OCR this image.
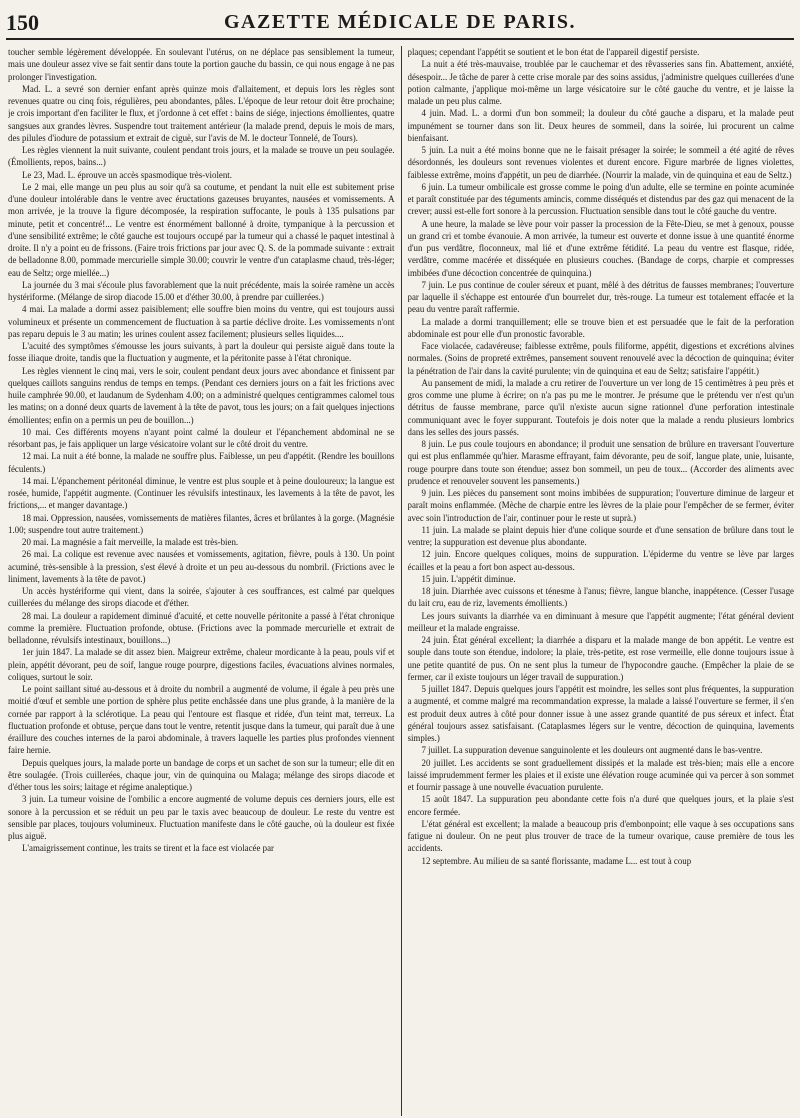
150	GAZETTE MÉDICALE DE PARIS.

toucher semble légèrement développée. En soulevant l'utérus, on ne déplace pas sensiblement la tumeur, mais une douleur assez vive se fait sentir dans toute la portion gauche du bassin, ce qui nous engage à ne pas prolonger l'investigation.

Mad. L. a sevré son dernier enfant après quinze mois d'allaitement, et depuis lors les règles sont revenues quatre ou cinq fois, régulières, peu abondantes, pâles. L'époque de leur retour doit être prochaine; je crois important d'en faciliter le flux, et j'ordonne à cet effet : bains de siége, injections émollientes, quatre sangsues aux grandes lèvres. Suspendre tout traitement antérieur (la malade prend, depuis le mois de mars, des pilules d'iodure de potassium et extrait de ciguë, sur l'avis de M. le docteur Tonnelé, de Tours).

Les règles viennent la nuit suivante, coulent pendant trois jours, et la malade se trouve un peu soulagée. (Émollients, repos, bains...)

Le 23, Mad. L. éprouve un accès spasmodique très-violent.

Le 2 mai, elle mange un peu plus au soir qu'à sa coutume, et pendant la nuit elle est subitement prise d'une douleur intolérable dans le ventre avec éructations gazeuses bruyantes, nausées et vomissements. A mon arrivée, je la trouve la figure décomposée, la respiration suffocante, le pouls à 135 pulsations par minute, petit et concentré!... Le ventre est énormément ballonné à droite, tympanique à la percussion et d'une sensibilité extrême; le côté gauche est toujours occupé par la tumeur qui a chassé le paquet intestinal à droite. Il n'y a point eu de frissons. (Faire trois frictions par jour avec Q. S. de la pommade suivante : extrait de belladonne 8.00, pommade mercurielle simple 30.00; couvrir le ventre d'un cataplasme chaud, très-léger; eau de Seltz; orge miellée...)

La journée du 3 mai s'écoule plus favorablement que la nuit précédente, mais la soirée ramène un accès hystériforme. (Mélange de sirop diacode 15.00 et d'éther 30.00, à prendre par cuillerées.)

4 mai. La malade a dormi assez paisiblement; elle souffre bien moins du ventre, qui est toujours aussi volumineux et présente un commencement de fluctuation à sa partie déclive droite. Les vomissements n'ont pas reparu depuis le 3 au matin; les urines coulent assez facilement; plusieurs selles liquides....

L'acuité des symptômes s'émousse les jours suivants, à part la douleur qui persiste aiguë dans toute la fosse iliaque droite, tandis que la fluctuation y augmente, et la péritonite passe à l'état chronique.

Les règles viennent le cinq mai, vers le soir, coulent pendant deux jours avec abondance et finissent par quelques caillots sanguins rendus de temps en temps. (Pendant ces derniers jours on a fait les frictions avec huile camphrée 90.00, et laudanum de Sydenham 4.00; on a administré quelques centigrammes calomel tous les matins; on a donné deux quarts de lavement à la tête de pavot, tous les jours; on a fait quelques injections émollientes; enfin on a permis un peu de bouillon...)

10 mai. Ces différents moyens n'ayant point calmé la douleur et l'épanchement abdominal ne se résorbant pas, je fais appliquer un large vésicatoire volant sur le côté droit du ventre.

12 mai. La nuit a été bonne, la malade ne souffre plus. Faiblesse, un peu d'appétit. (Rendre les bouillons féculents.)

14 mai. L'épanchement péritonéal diminue, le ventre est plus souple et à peine douloureux; la langue est rosée, humide, l'appétit augmente. (Continuer les révulsifs intestinaux, les lavements à la tête de pavot, les frictions,... et manger davantage.)

18 mai. Oppression, nausées, vomissements de matières filantes, âcres et brûlantes à la gorge. (Magnésie 1.00; suspendre tout autre traitement.)

20 mai. La magnésie a fait merveille, la malade est très-bien.

26 mai. La colique est revenue avec nausées et vomissements, agitation, fièvre, pouls à 130. Un point acuminé, très-sensible à la pression, s'est élevé à droite et un peu au-dessous du nombril. (Frictions avec le liniment, lavements à la tête de pavot.)

Un accès hystériforme qui vient, dans la soirée, s'ajouter à ces souffrances, est calmé par quelques cuillerées du mélange des sirops diacode et d'éther.

28 mai. La douleur a rapidement diminué d'acuité, et cette nouvelle péritonite a passé à l'état chronique comme la première. Fluctuation profonde, obtuse. (Frictions avec la pommade mercurielle et extrait de belladonne, révulsifs intestinaux, bouillons...)

1er juin 1847. La malade se dit assez bien. Maigreur extrême, chaleur mordicante à la peau, pouls vif et plein, appétit dévorant, peu de soif, langue rouge pourpre, digestions faciles, évacuations alvines normales, coliques, surtout le soir.

Le point saillant situé au-dessous et à droite du nombril a augmenté de volume, il égale à peu près une moitié d'œuf et semble une portion de sphère plus petite enchâssée dans une plus grande, à la manière de la cornée par rapport à la sclérotique. La peau qui l'entoure est flasque et ridée, d'un teint mat, terreux. La fluctuation profonde et obtuse, perçue dans tout le ventre, retentit jusque dans la tumeur, qui paraît due à une éraillure des couches internes de la paroi abdominale, à travers laquelle les parties plus profondes viennent faire hernie.

Depuis quelques jours, la malade porte un bandage de corps et un sachet de son sur la tumeur; elle dit en être soulagée. (Trois cuillerées, chaque jour, vin de quinquina ou Malaga; mélange des sirops diacode et d'éther tous les soirs; laitage et régime analeptique.)

3 juin. La tumeur voisine de l'ombilic a encore augmenté de volume depuis ces derniers jours, elle est sonore à la percussion et se réduit un peu par le taxis avec beaucoup de douleur. Le reste du ventre est sensible par places, toujours volumineux. Fluctuation manifeste dans le côté gauche, où la douleur est fixée plus aiguë.

L'amaigrissement continue, les traits se tirent et la face est violacée par

plaques; cependant l'appétit se soutient et le bon état de l'appareil digestif persiste.

La nuit a été très-mauvaise, troublée par le cauchemar et des rêvasseries sans fin. Abattement, anxiété, désespoir... Je tâche de parer à cette crise morale par des soins assidus, j'administre quelques cuillerées d'une potion calmante, j'applique moi-même un large vésicatoire sur le côté gauche du ventre, et je laisse la malade un peu plus calme.

4 juin. Mad. L. a dormi d'un bon sommeil; la douleur du côté gauche a disparu, et la malade peut impunément se tourner dans son lit. Deux heures de sommeil, dans la soirée, lui procurent un calme bienfaisant.

5 juin. La nuit a été moins bonne que ne le faisait présager la soirée; le sommeil a été agité de rêves désordonnés, les douleurs sont revenues violentes et durent encore. Figure marbrée de lignes violettes, faiblesse extrême, moins d'appétit, un peu de diarrhée. (Nourrir la malade, vin de quinquina et eau de Seltz.)

6 juin. La tumeur ombilicale est grosse comme le poing d'un adulte, elle se termine en pointe acuminée et paraît constituée par des téguments amincis, comme disséqués et distendus par des gaz qui menacent de la crever; aussi est-elle fort sonore à la percussion. Fluctuation sensible dans tout le côté gauche du ventre.

A une heure, la malade se lève pour voir passer la procession de la Fête-Dieu, se met à genoux, pousse un grand cri et tombe évanouie. A mon arrivée, la tumeur est ouverte et donne issue à une quantité énorme d'un pus verdâtre, floconneux, mal lié et d'une extrême fétidité. La peau du ventre est flasque, ridée, verdâtre, comme macérée et disséquée en plusieurs couches. (Bandage de corps, charpie et compresses imbibées d'une décoction concentrée de quinquina.)

7 juin. Le pus continue de couler séreux et puant, mêlé à des détritus de fausses membranes; l'ouverture par laquelle il s'échappe est entourée d'un bourrelet dur, très-rouge. La tumeur est totalement effacée et la peau du ventre paraît raffermie.

La malade a dormi tranquillement; elle se trouve bien et est persuadée que le fait de la perforation abdominale est pour elle d'un pronostic favorable.

Face violacée, cadavéreuse; faiblesse extrême, pouls filiforme, appétit, digestions et excrétions alvines normales. (Soins de propreté extrêmes, pansement souvent renouvelé avec la décoction de quinquina; éviter la pénétration de l'air dans la cavité purulente; vin de quinquina et eau de Seltz; satisfaire l'appétit.)

Au pansement de midi, la malade a cru retirer de l'ouverture un ver long de 15 centimètres à peu près et gros comme une plume à écrire; on n'a pas pu me le montrer. Je présume que le prétendu ver n'est qu'un détritus de fausse membrane, parce qu'il n'existe aucun signe rationnel d'une perforation intestinale communiquant avec le foyer suppurant. Toutefois je dois noter que la malade a rendu plusieurs lombrics dans les selles des jours passés.

8 juin. Le pus coule toujours en abondance; il produit une sensation de brûlure en traversant l'ouverture qui est plus enflammée qu'hier. Marasme effrayant, faim dévorante, peu de soif, langue plate, unie, luisante, rouge pourpre dans toute son étendue; assez bon sommeil, un peu de toux... (Accorder des aliments avec prudence et renouveler souvent les pansements.)

9 juin. Les pièces du pansement sont moins imbibées de suppuration; l'ouverture diminue de largeur et paraît moins enflammée. (Mèche de charpie entre les lèvres de la plaie pour l'empêcher de se fermer, éviter avec soin l'introduction de l'air, continuer pour le reste ut suprà.)

11 juin. La malade se plaint depuis hier d'une colique sourde et d'une sensation de brûlure dans tout le ventre; la suppuration est devenue plus abondante.

12 juin. Encore quelques coliques, moins de suppuration. L'épiderme du ventre se lève par larges écailles et la peau a fort bon aspect au-dessous.

15 juin. L'appétit diminue.

18 juin. Diarrhée avec cuissons et ténesme à l'anus; fièvre, langue blanche, inappétence. (Cesser l'usage du lait cru, eau de riz, lavements émollients.)

Les jours suivants la diarrhée va en diminuant à mesure que l'appétit augmente; l'état général devient meilleur et la malade engraisse.

24 juin. État général excellent; la diarrhée a disparu et la malade mange de bon appétit. Le ventre est souple dans toute son étendue, indolore; la plaie, très-petite, est rose vermeille, elle donne toujours issue à une petite quantité de pus. On ne sent plus la tumeur de l'hypocondre gauche. (Empêcher la plaie de se fermer, car il existe toujours un léger travail de suppuration.)

5 juillet 1847. Depuis quelques jours l'appétit est moindre, les selles sont plus fréquentes, la suppuration a augmenté, et comme malgré ma recommandation expresse, la malade a laissé l'ouverture se fermer, il s'en est produit deux autres à côté pour donner issue à une assez grande quantité de pus séreux et infect. État général toujours assez satisfaisant. (Cataplasmes légers sur le ventre, décoction de quinquina, lavements simples.)

7 juillet. La suppuration devenue sanguinolente et les douleurs ont augmenté dans le bas-ventre.

20 juillet. Les accidents se sont graduellement dissipés et la malade est très-bien; mais elle a encore laissé imprudemment fermer les plaies et il existe une élévation rouge acuminée qui va percer à son sommet et fournir passage à une nouvelle évacuation purulente.

15 août 1847. La suppuration peu abondante cette fois n'a duré que quelques jours, et la plaie s'est encore fermée.

L'état général est excellent; la malade a beaucoup pris d'embonpoint; elle vaque à ses occupations sans fatigue ni douleur. On ne peut plus trouver de trace de la tumeur ovarique, cause première de tous les accidents.

12 septembre. Au milieu de sa santé florissante, madame L... est tout à coup
